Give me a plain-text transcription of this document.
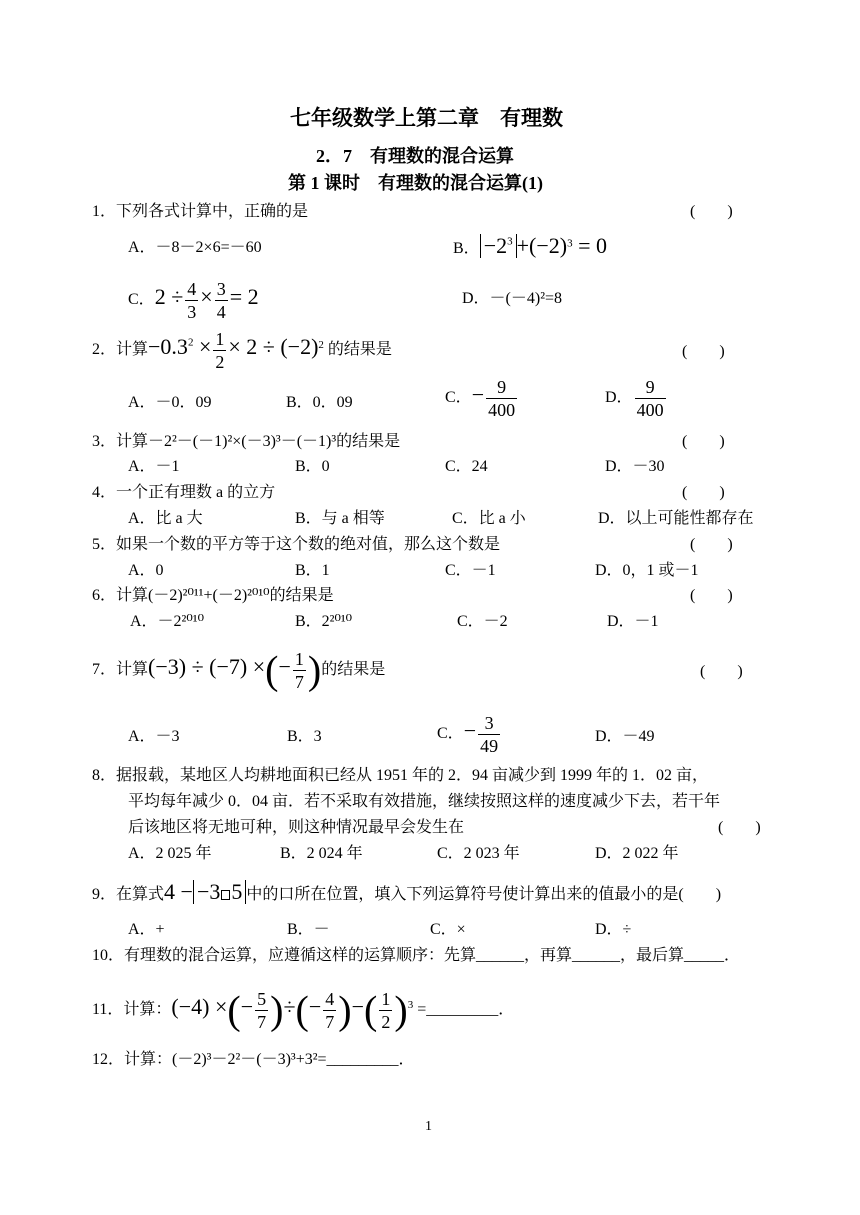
七年级数学上第二章　有理数
2．7　有理数的混合运算
第 1 课时　有理数的混合运算(1)
1．下列各式计算中，正确的是	(　　)
A．－8－2×6=－60	B． $-2^3 +(-2)^3 = 0$
C．$2 \div \frac{4}{3} \times \frac{3}{4} = 2$	D．－(－4)²=8
2．计算$-0.3^2 \times \frac{1}{2} \times 2 \div (-2)^2$ 的结果是	(　　)
A．－0．09	B．0．09	C．− $\frac{9}{400}$	D． $\frac{9}{400}$
3．计算－2²－(－1)²×(－3)³－(－1)³的结果是	(　　)
A．－1	B．0	C．24	D．－30
4．一个正有理数 a 的立方	(　　)
A．比 a 大	B．与 a 相等	C．比 a 小	D．以上可能性都存在
5．如果一个数的平方等于这个数的绝对值，那么这个数是	(　　)
A．0	B．1	C．－1	D．0，1 或－1
6．计算(－2)²⁰¹¹+(－2)²⁰¹⁰的结果是	(　　)
A．－2²⁰¹⁰	B．2²⁰¹⁰	C．－2	D．－1
7．计算(−3) ÷ (−7) ×(− $\frac{1}{7}$ )的结果是	(　　)
A．－3	B．3	C．− $\frac{3}{49}$	D．－49
8．据报载，某地区人均耕地面积已经从 1951 年的 2．94 亩减少到 1999 年的 1．02 亩，
平均每年减少 0．04 亩．若不采取有效措施，继续按照这样的速度减少下去，若干年
后该地区将无地可种，则这种情况最早会发生在	(　　)
A．2 025 年	B．2 024 年	C．2 023 年	D．2 022 年
9．在算式4 − −3 5 中的口所在位置，填入下列运算符号使计算出来的值最小的是(　　)
A．+	B．－	C．×	D．÷
10．有理数的混合运算，应遵循这样的运算顺序：先算______，再算______，最后算_____．
11．计算：(−4) ×(− $\frac{5}{7}$ )÷(− $\frac{4}{7}$ )−( $\frac{1}{2} )^3$ =_________．
12．计算：(－2)³－2²－(－3)³+3²=_________．
1
